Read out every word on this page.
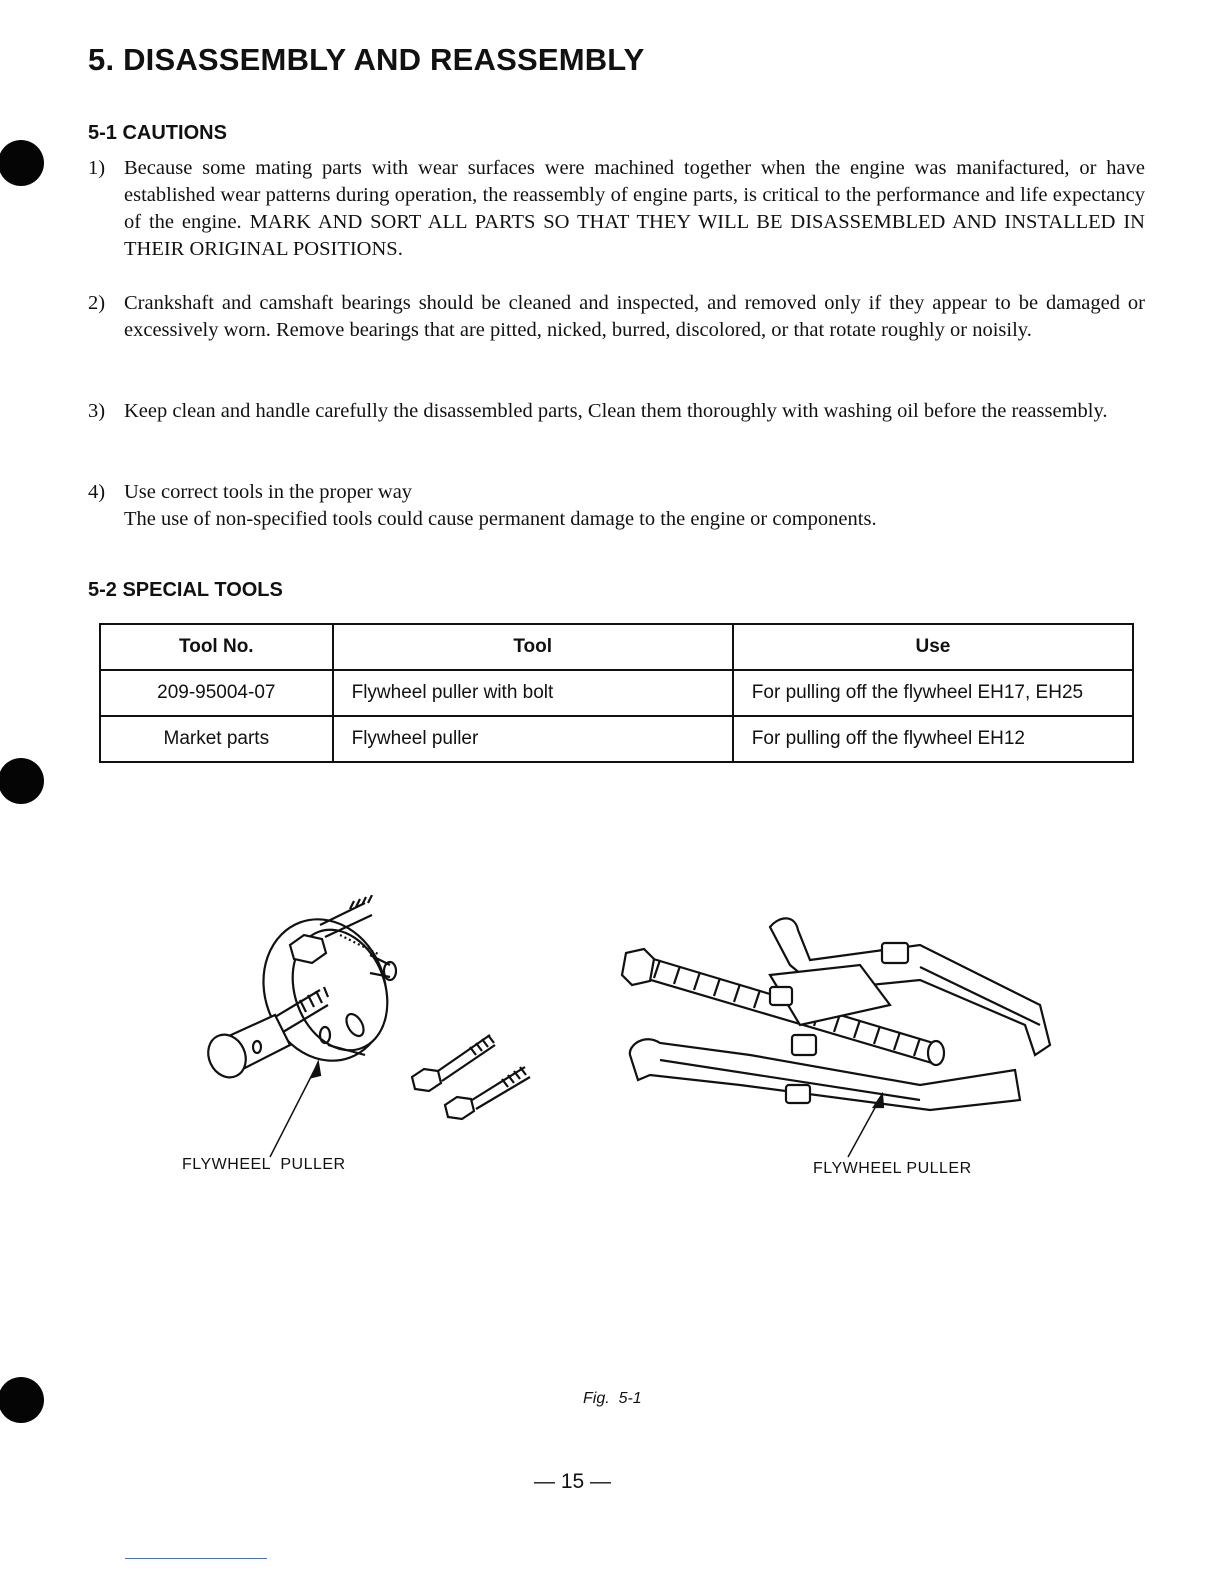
5. DISASSEMBLY AND REASSEMBLY
5-1 CAUTIONS
1) Because some mating parts with wear surfaces were machined together when the engine was manifactured, or have established wear patterns during operation, the reassembly of engine parts, is critical to the performance and life expectancy of the engine. MARK AND SORT ALL PARTS SO THAT THEY WILL BE DISASSEMBLED AND INSTALLED IN THEIR ORIGINAL POSITIONS.
2) Crankshaft and camshaft bearings should be cleaned and inspected, and removed only if they appear to be damaged or excessively worn. Remove bearings that are pitted, nicked, burred, discolored, or that rotate roughly or noisily.
3) Keep clean and handle carefully the disassembled parts, Clean them thoroughly with washing oil before the reassembly.
4) Use correct tools in the proper way
The use of non-specified tools could cause permanent damage to the engine or components.
5-2 SPECIAL TOOLS
Tool No.	Tool	Use
209-95004-07	Flywheel puller with bolt	For pulling off the flywheel EH17, EH25
Market parts	Flywheel puller	For pulling off the flywheel EH12
FLYWHEEL  PULLER	FLYWHEEL PULLER
Fig.  5-1
— 15 —
